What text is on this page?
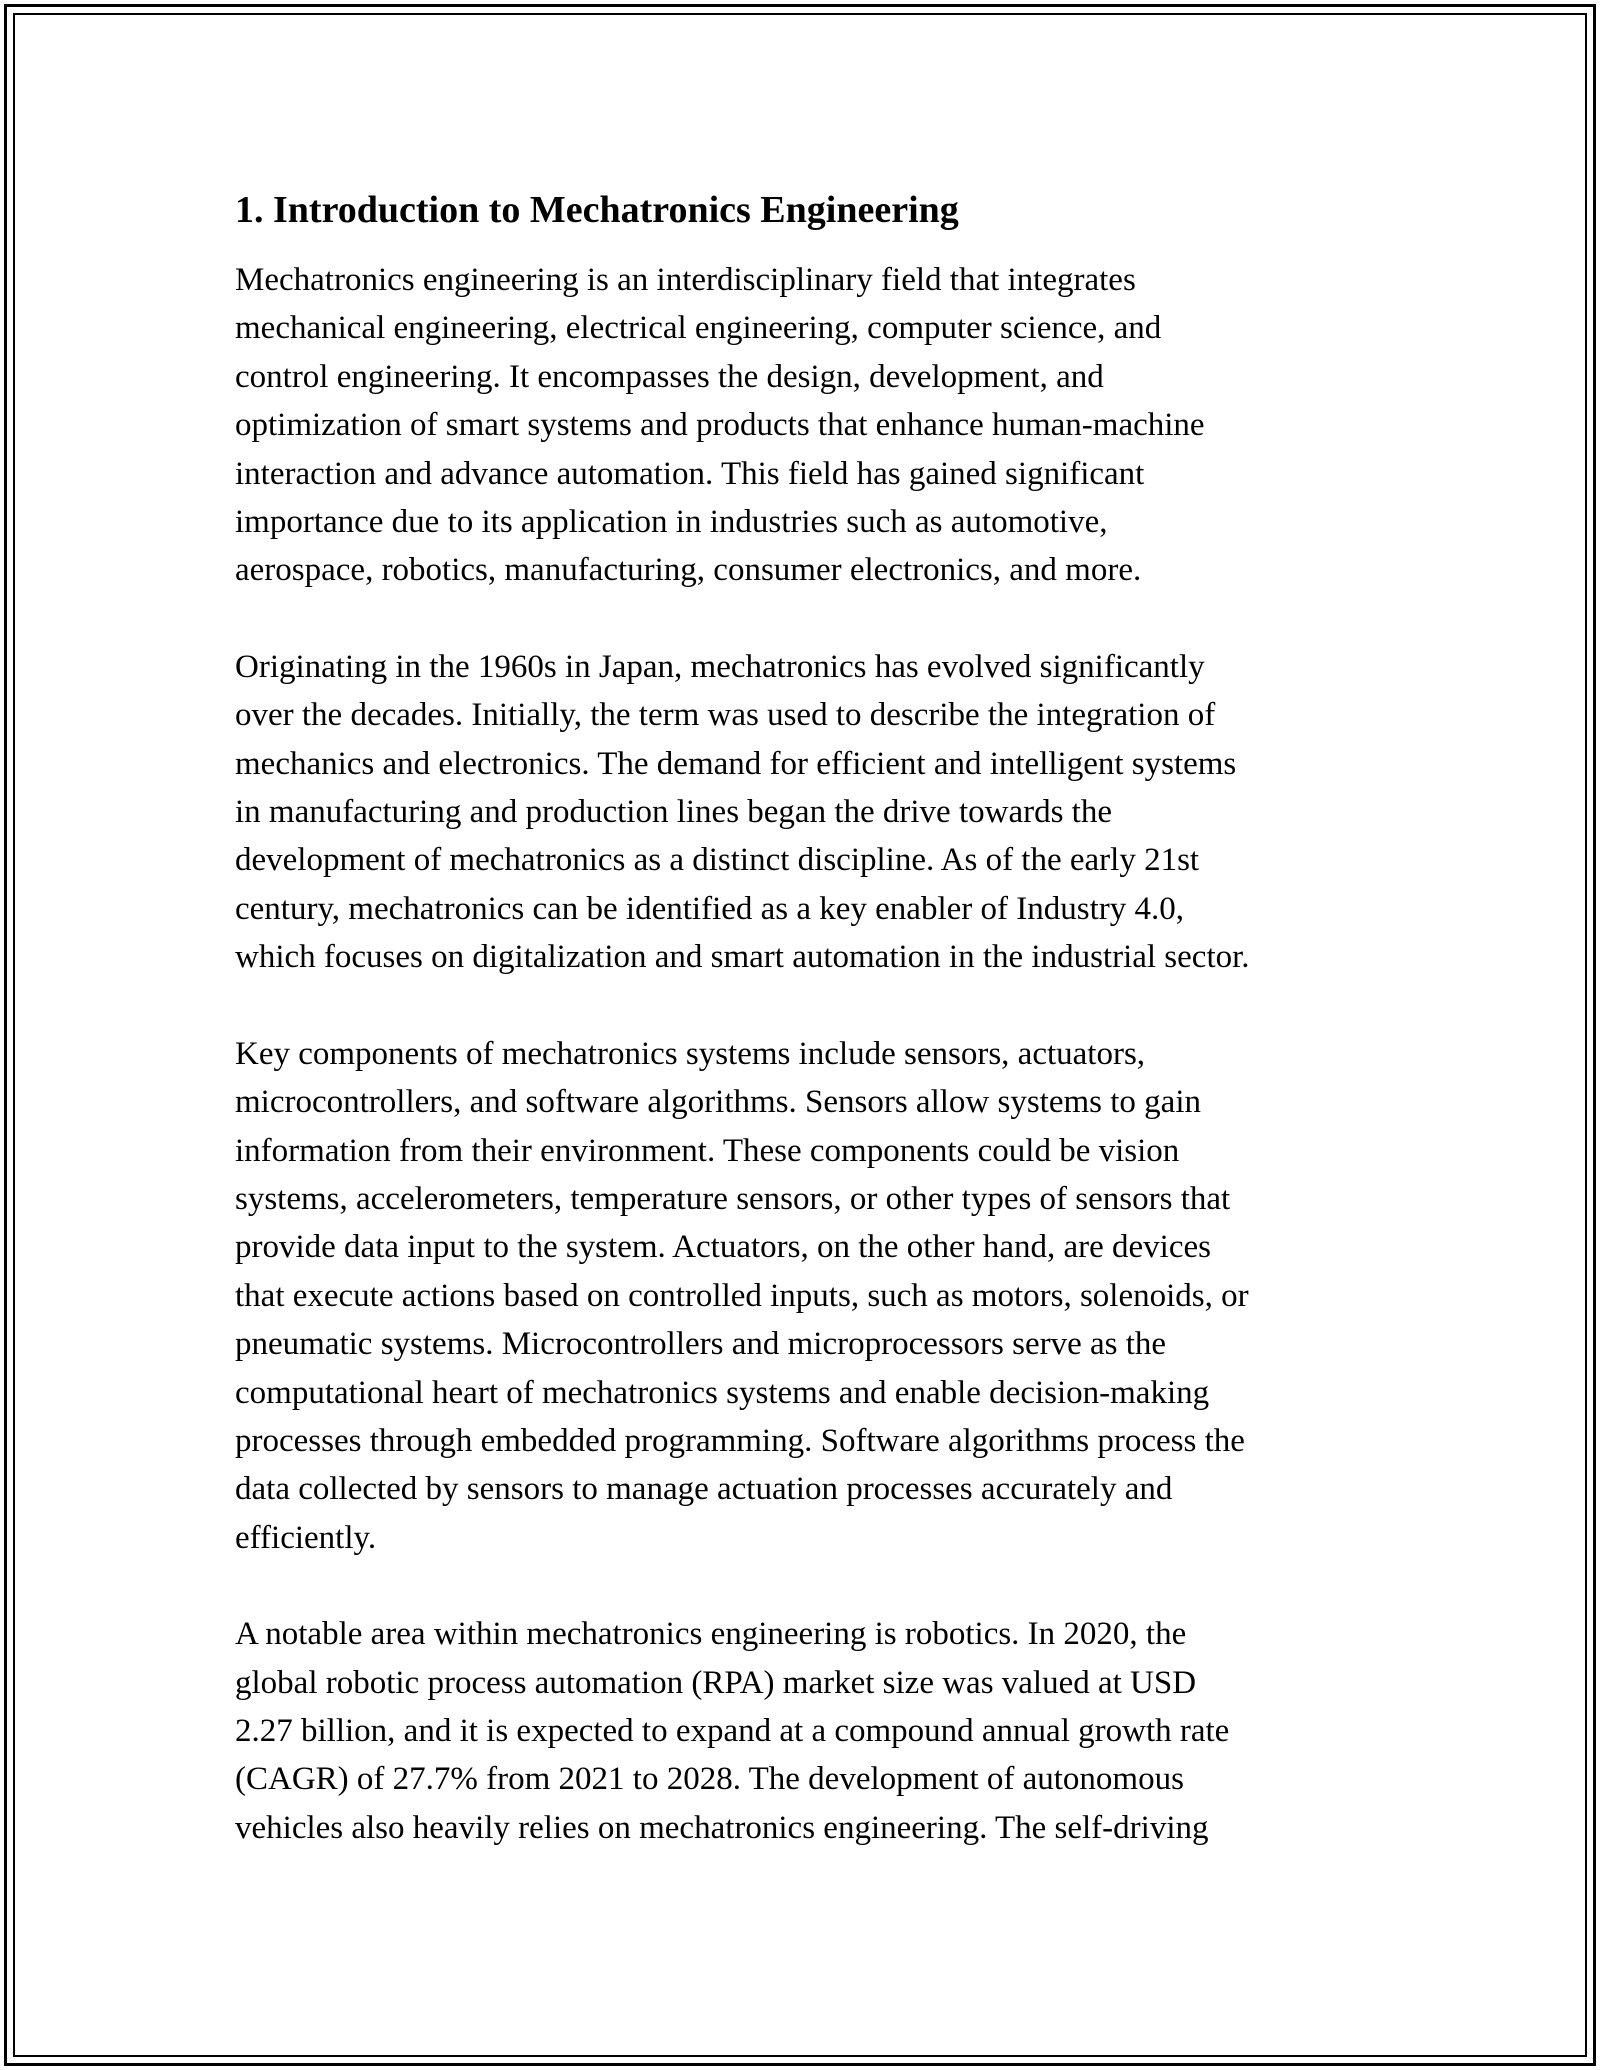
1. Introduction to Mechatronics Engineering

Mechatronics engineering is an interdisciplinary field that integrates
mechanical engineering, electrical engineering, computer science, and
control engineering. It encompasses the design, development, and
optimization of smart systems and products that enhance human-machine
interaction and advance automation. This field has gained significant
importance due to its application in industries such as automotive,
aerospace, robotics, manufacturing, consumer electronics, and more.

Originating in the 1960s in Japan, mechatronics has evolved significantly
over the decades. Initially, the term was used to describe the integration of
mechanics and electronics. The demand for efficient and intelligent systems
in manufacturing and production lines began the drive towards the
development of mechatronics as a distinct discipline. As of the early 21st
century, mechatronics can be identified as a key enabler of Industry 4.0,
which focuses on digitalization and smart automation in the industrial sector.

Key components of mechatronics systems include sensors, actuators,
microcontrollers, and software algorithms. Sensors allow systems to gain
information from their environment. These components could be vision
systems, accelerometers, temperature sensors, or other types of sensors that
provide data input to the system. Actuators, on the other hand, are devices
that execute actions based on controlled inputs, such as motors, solenoids, or
pneumatic systems. Microcontrollers and microprocessors serve as the
computational heart of mechatronics systems and enable decision-making
processes through embedded programming. Software algorithms process the
data collected by sensors to manage actuation processes accurately and
efficiently.

A notable area within mechatronics engineering is robotics. In 2020, the
global robotic process automation (RPA) market size was valued at USD
2.27 billion, and it is expected to expand at a compound annual growth rate
(CAGR) of 27.7% from 2021 to 2028. The development of autonomous
vehicles also heavily relies on mechatronics engineering. The self-driving
